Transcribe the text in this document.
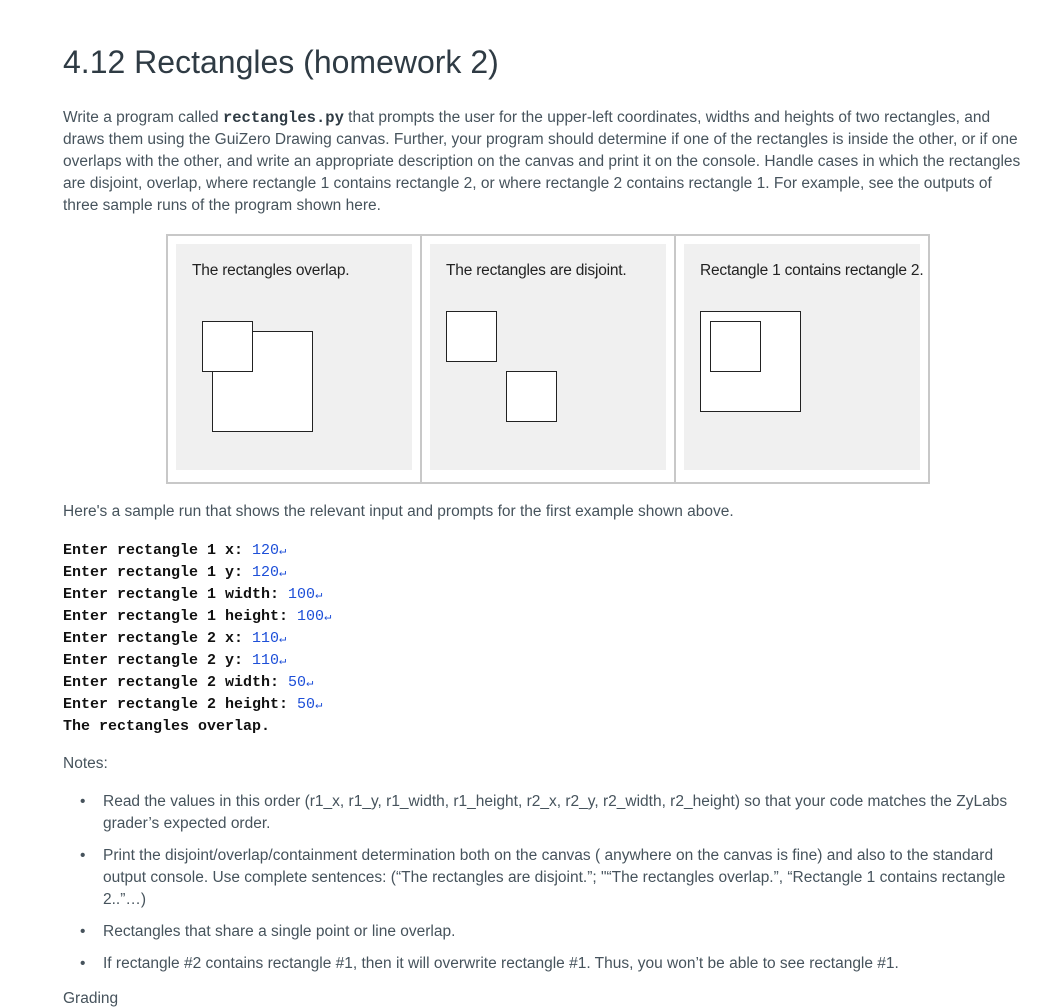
4.12 Rectangles (homework 2)

Write a program called rectangles.py that prompts the user for the upper-left coordinates, widths and heights of two rectangles, and draws them using the GuiZero Drawing canvas. Further, your program should determine if one of the rectangles is inside the other, or if one overlaps with the other, and write an appropriate description on the canvas and print it on the console. Handle cases in which the rectangles are disjoint, overlap, where rectangle 1 contains rectangle 2, or where rectangle 2 contains rectangle 1. For example, see the outputs of three sample runs of the program shown here.

The rectangles overlap.	The rectangles are disjoint.	Rectangle 1 contains rectangle 2.

Here's a sample run that shows the relevant input and prompts for the first example shown above.

Enter rectangle 1 x: 120↵
Enter rectangle 1 y: 120↵
Enter rectangle 1 width: 100↵
Enter rectangle 1 height: 100↵
Enter rectangle 2 x: 110↵
Enter rectangle 2 y: 110↵
Enter rectangle 2 width: 50↵
Enter rectangle 2 height: 50↵
The rectangles overlap.

Notes:

• Read the values in this order (r1_x, r1_y, r1_width, r1_height, r2_x, r2_y, r2_width, r2_height) so that your code matches the ZyLabs grader’s expected order.
• Print the disjoint/overlap/containment determination both on the canvas ( anywhere on the canvas is fine) and also to the standard output console. Use complete sentences: (“The rectangles are disjoint.”; "“The rectangles overlap.”, “Rectangle 1 contains rectangle 2..”…)
• Rectangles that share a single point or line overlap.
• If rectangle #2 contains rectangle #1, then it will overwrite rectangle #1. Thus, you won’t be able to see rectangle #1.
Grading
